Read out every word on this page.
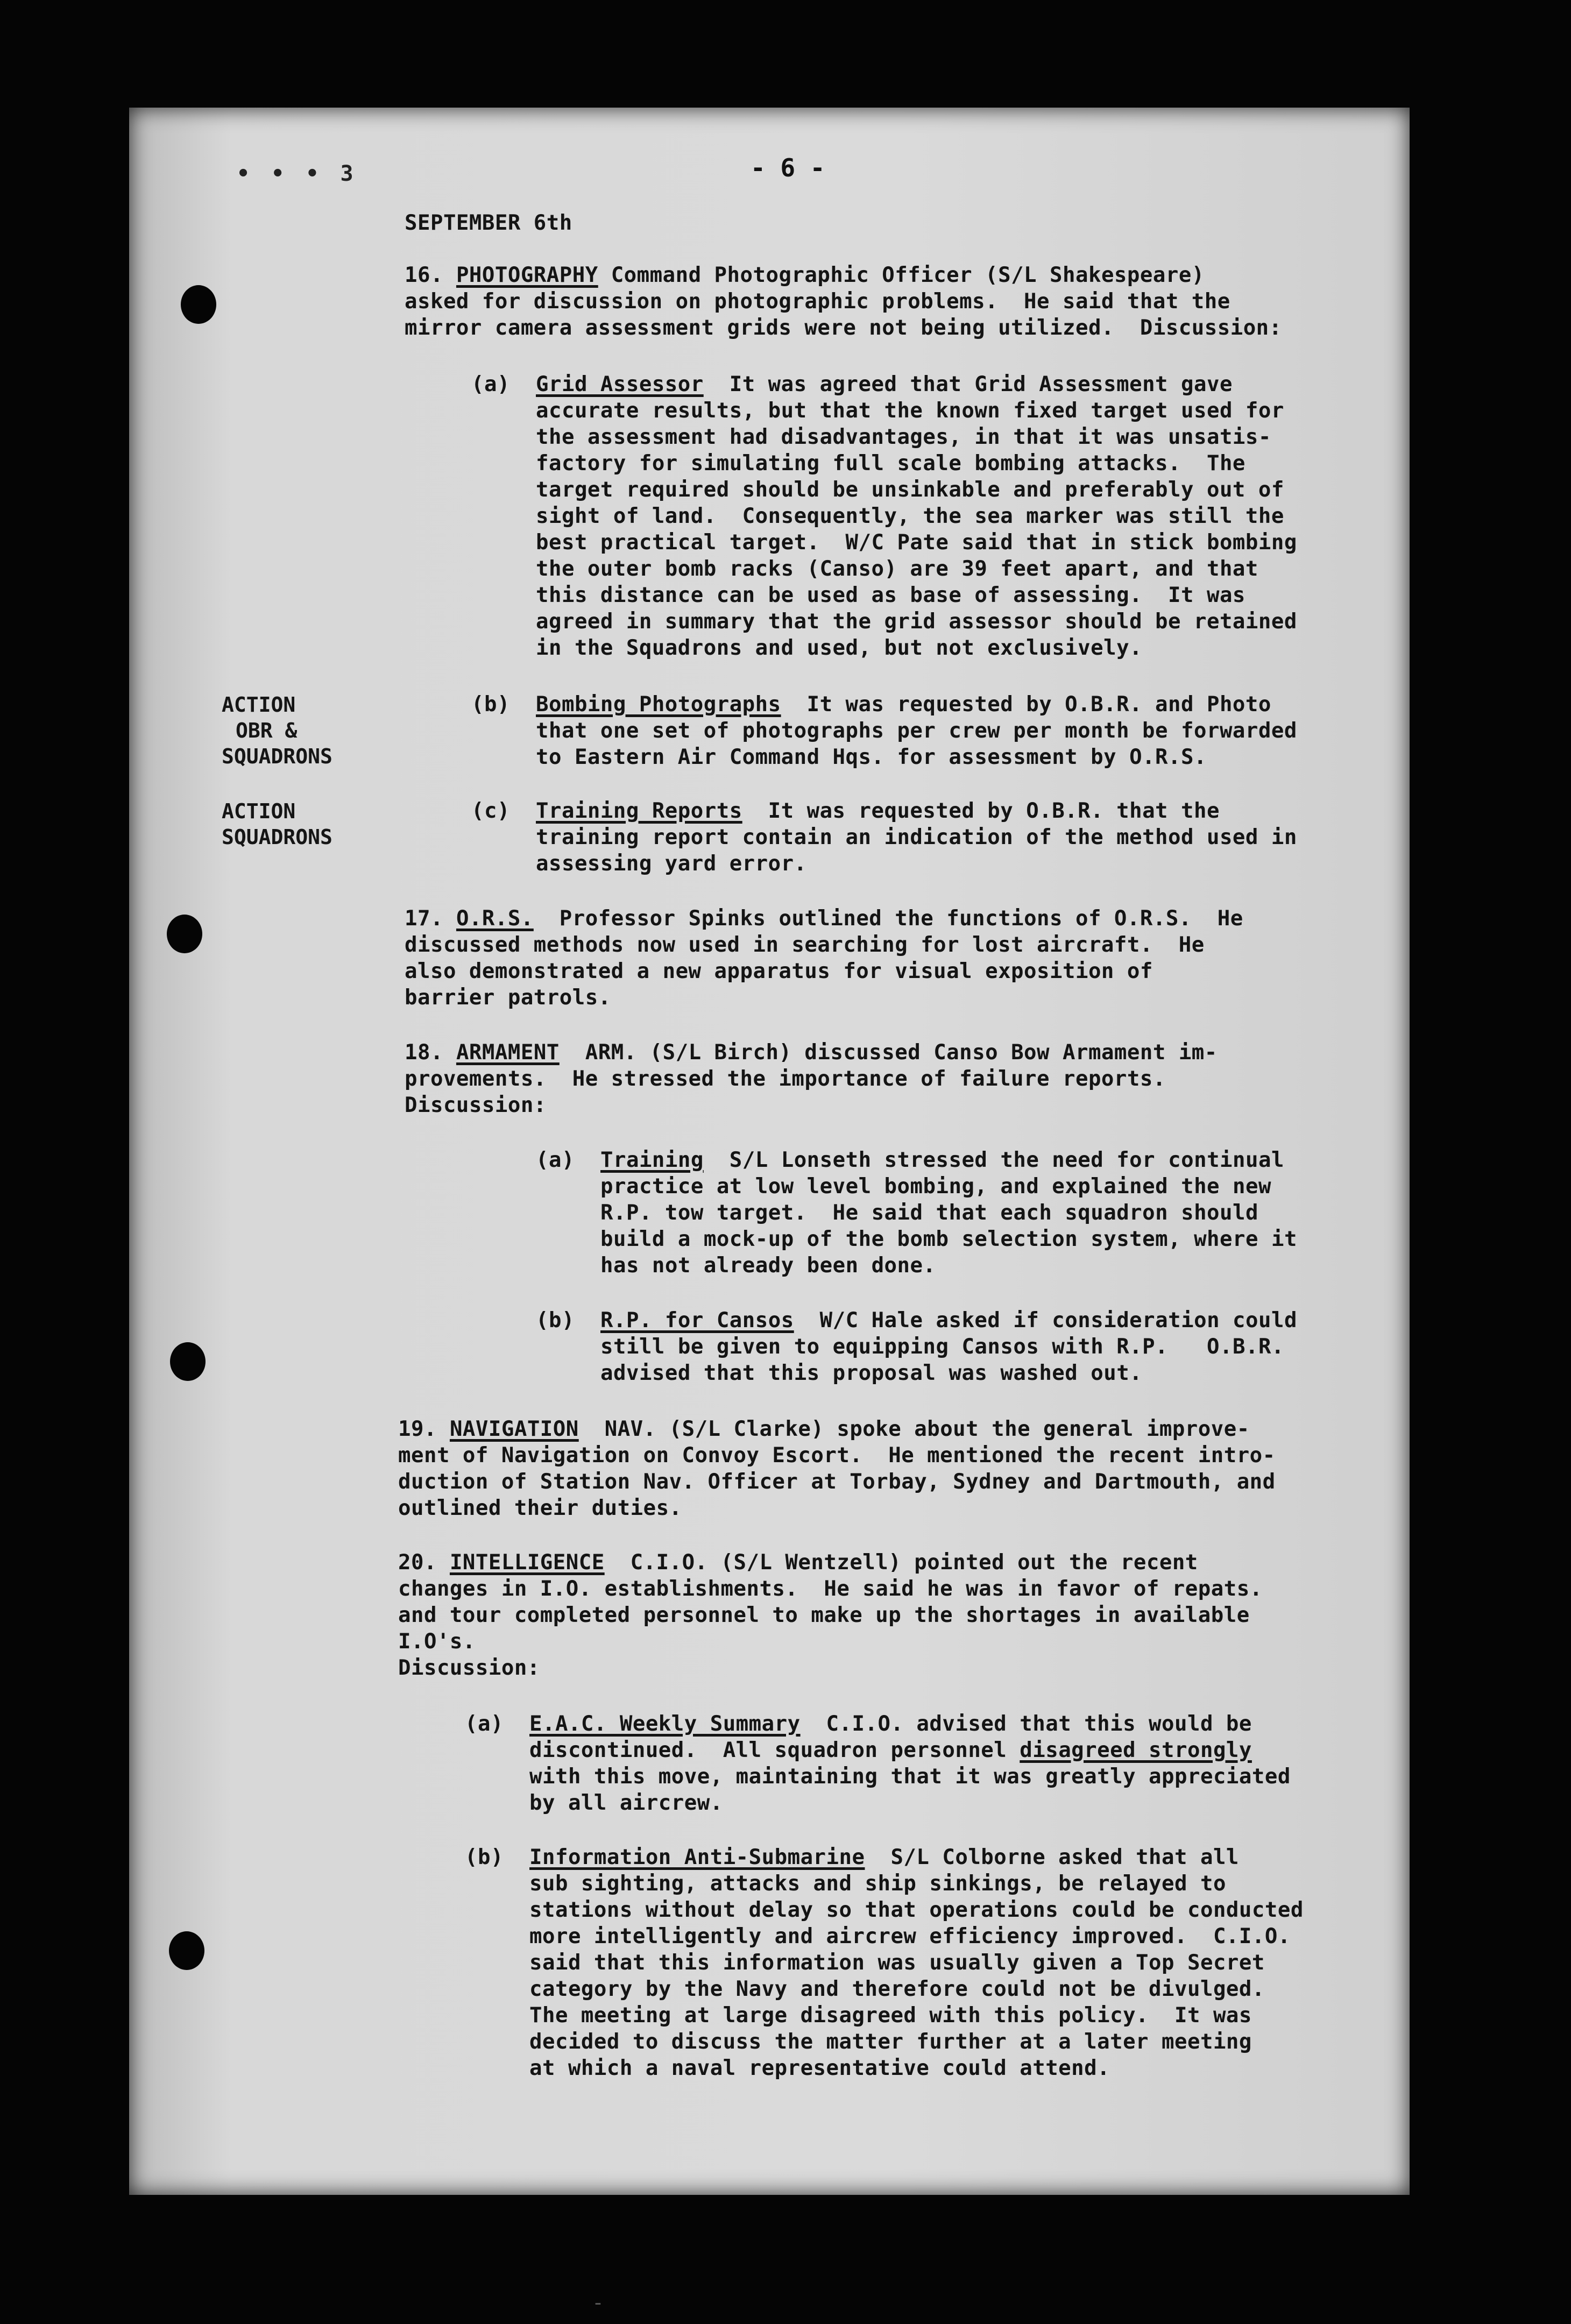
• • • 3	- 6 -
SEPTEMBER 6th
16. PHOTOGRAPHY Command Photographic Officer (S/L Shakespeare)
asked for discussion on photographic problems.  He said that the
mirror camera assessment grids were not being utilized.  Discussion:
(a) Grid Assessor  It was agreed that Grid Assessment gave
accurate results, but that the known fixed target used for
the assessment had disadvantages, in that it was unsatis-
factory for simulating full scale bombing attacks.  The
target required should be unsinkable and preferably out of
sight of land.  Consequently, the sea marker was still the
best practical target.  W/C Pate said that in stick bombing
the outer bomb racks (Canso) are 39 feet apart, and that
this distance can be used as base of assessing.  It was
agreed in summary that the grid assessor should be retained
in the Squadrons and used, but not exclusively.
ACTION
OBR &
SQUADRONS
(b) Bombing Photographs  It was requested by O.B.R. and Photo
that one set of photographs per crew per month be forwarded
to Eastern Air Command Hqs. for assessment by O.R.S.
ACTION
SQUADRONS
(c) Training Reports  It was requested by O.B.R. that the
training report contain an indication of the method used in
assessing yard error.
17. O.R.S.  Professor Spinks outlined the functions of O.R.S.  He
discussed methods now used in searching for lost aircraft.  He
also demonstrated a new apparatus for visual exposition of
barrier patrols.
18. ARMAMENT  ARM. (S/L Birch) discussed Canso Bow Armament im-
provements.  He stressed the importance of failure reports.
Discussion:
(a) Training  S/L Lonseth stressed the need for continual
practice at low level bombing, and explained the new
R.P. tow target.  He said that each squadron should
build a mock-up of the bomb selection system, where it
has not already been done.
(b) R.P. for Cansos  W/C Hale asked if consideration could
still be given to equipping Cansos with R.P.   O.B.R.
advised that this proposal was washed out.
19. NAVIGATION  NAV. (S/L Clarke) spoke about the general improve-
ment of Navigation on Convoy Escort.  He mentioned the recent intro-
duction of Station Nav. Officer at Torbay, Sydney and Dartmouth, and
outlined their duties.
20. INTELLIGENCE  C.I.O. (S/L Wentzell) pointed out the recent
changes in I.O. establishments.  He said he was in favor of repats.
and tour completed personnel to make up the shortages in available
I.O's.
Discussion:
(a) E.A.C. Weekly Summary  C.I.O. advised that this would be
discontinued.  All squadron personnel disagreed strongly
with this move, maintaining that it was greatly appreciated
by all aircrew.
(b) Information Anti-Submarine  S/L Colborne asked that all
sub sighting, attacks and ship sinkings, be relayed to
stations without delay so that operations could be conducted
more intelligently and aircrew efficiency improved.  C.I.O.
said that this information was usually given a Top Secret
category by the Navy and therefore could not be divulged.
The meeting at large disagreed with this policy.  It was
decided to discuss the matter further at a later meeting
at which a naval representative could attend.
-
